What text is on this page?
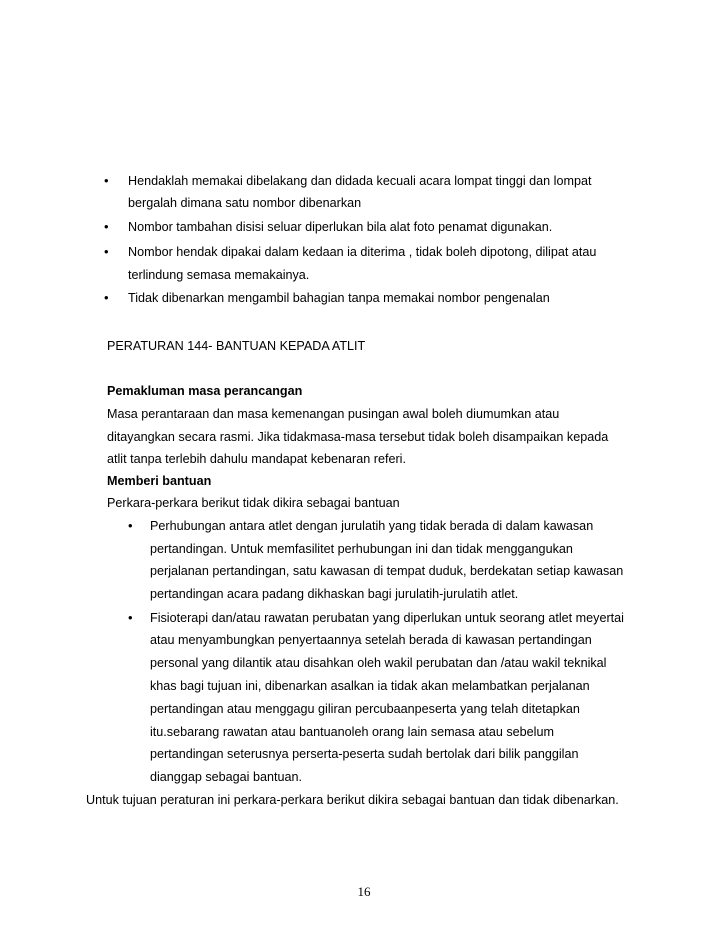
• Hendaklah memakai dibelakang dan didada kecuali acara lompat tinggi dan lompat
bergalah dimana satu nombor dibenarkan
• Nombor tambahan disisi seluar diperlukan bila alat foto penamat digunakan.
• Nombor hendak dipakai dalam kedaan ia diterima , tidak boleh dipotong, dilipat atau
terlindung semasa memakainya.
• Tidak dibenarkan mengambil bahagian tanpa memakai nombor pengenalan
PERATURAN 144- BANTUAN KEPADA ATLIT
Pemakluman masa perancangan
Masa perantaraan dan masa kemenangan pusingan awal boleh diumumkan atau
ditayangkan secara rasmi. Jika tidakmasa-masa tersebut tidak boleh disampaikan kepada
atlit tanpa terlebih dahulu mandapat kebenaran referi.
Memberi bantuan
Perkara-perkara berikut tidak dikira sebagai bantuan
• Perhubungan antara atlet dengan jurulatih yang tidak berada di dalam kawasan
pertandingan. Untuk memfasilitet perhubungan ini dan tidak menggangukan
perjalanan pertandingan, satu kawasan di tempat duduk, berdekatan setiap kawasan
pertandingan acara padang dikhaskan bagi jurulatih-jurulatih atlet.
• Fisioterapi dan/atau rawatan perubatan yang diperlukan untuk seorang atlet meyertai
atau menyambungkan penyertaannya setelah berada di kawasan pertandingan
personal yang dilantik atau disahkan oleh wakil perubatan dan /atau wakil teknikal
khas bagi tujuan ini, dibenarkan asalkan ia tidak akan melambatkan perjalanan
pertandingan atau menggagu giliran percubaanpeserta yang telah ditetapkan
itu.sebarang rawatan atau bantuanoleh orang lain semasa atau sebelum
pertandingan seterusnya perserta-peserta sudah bertolak dari bilik panggilan
dianggap sebagai bantuan.
Untuk tujuan peraturan ini perkara-perkara berikut dikira sebagai bantuan dan tidak dibenarkan.
16
